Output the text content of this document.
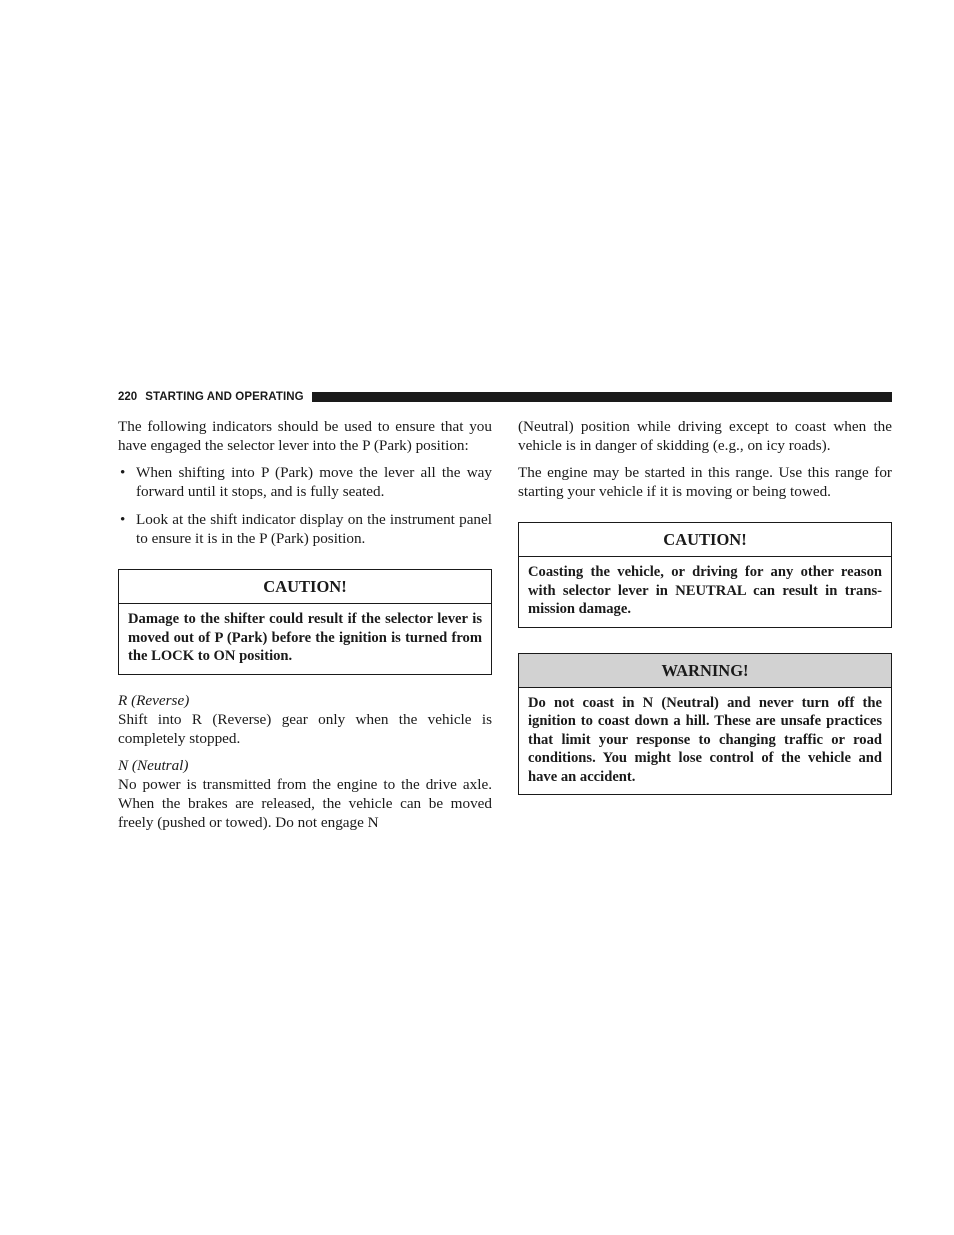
220 STARTING AND OPERATING

The following indicators should be used to ensure that you have engaged the selector lever into the P (Park) position:

• When shifting into P (Park) move the lever all the way forward until it stops, and is fully seated.
• Look at the shift indicator display on the instrument panel to ensure it is in the P (Park) position.
CAUTION!
Damage to the shifter could result if the selector lever is moved out of P (Park) before the ignition is turned from the LOCK to ON position.
R (Reverse)

Shift into R (Reverse) gear only when the vehicle is completely stopped.

N (Neutral)

No power is transmitted from the engine to the drive axle. When the brakes are released, the vehicle can be moved freely (pushed or towed). Do not engage N

(Neutral) position while driving except to coast when the vehicle is in danger of skidding (e.g., on icy roads).

The engine may be started in this range. Use this range for starting your vehicle if it is moving or being towed.

CAUTION!
Coasting the vehicle, or driving for any other reason with selector lever in NEUTRAL can result in trans-mission damage.
WARNING!
Do not coast in N (Neutral) and never turn off the ignition to coast down a hill. These are unsafe practices that limit your response to changing traffic or road conditions. You might lose control of the vehicle and have an accident.
